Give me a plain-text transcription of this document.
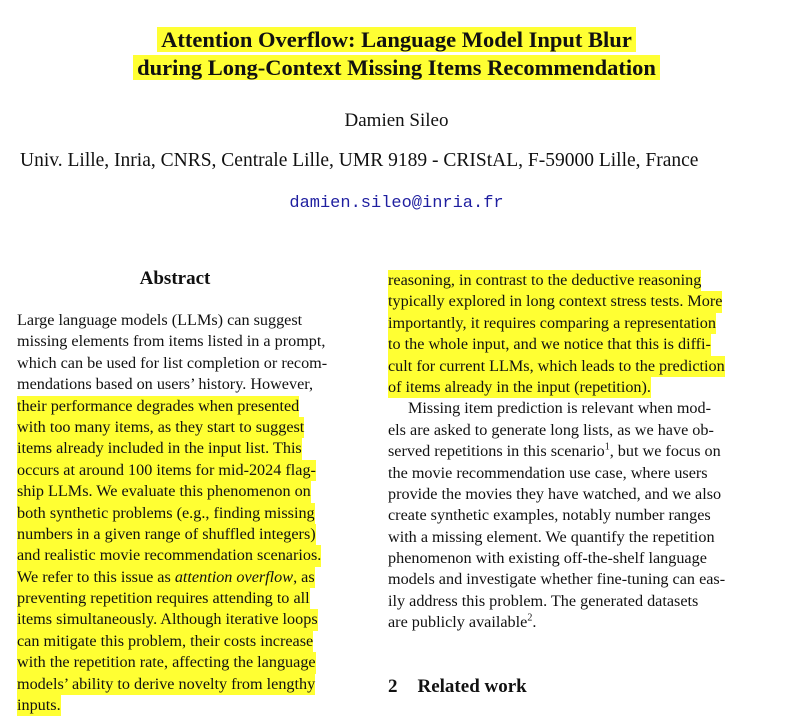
Attention Overflow: Language Model Input Blur
during Long-Context Missing Items Recommendation
Damien Sileo
Univ. Lille, Inria, CNRS, Centrale Lille, UMR 9189 - CRIStAL, F-59000 Lille, France
damien.sileo@inria.fr
Abstract
Large language models (LLMs) can suggest
missing elements from items listed in a prompt,
which can be used for list completion or recom-
mendations based on users’ history. However,
their performance degrades when presented
with too many items, as they start to suggest
items already included in the input list. This
occurs at around 100 items for mid-2024 flag-
ship LLMs. We evaluate this phenomenon on
both synthetic problems (e.g., finding missing
numbers in a given range of shuffled integers)
and realistic movie recommendation scenarios.
We refer to this issue as attention overflow, as
preventing repetition requires attending to all
items simultaneously. Although iterative loops
can mitigate this problem, their costs increase
with the repetition rate, affecting the language
models’ ability to derive novelty from lengthy
inputs.
reasoning, in contrast to the deductive reasoning
typically explored in long context stress tests. More
importantly, it requires comparing a representation
to the whole input, and we notice that this is diffi-
cult for current LLMs, which leads to the prediction
of items already in the input (repetition).
Missing item prediction is relevant when mod-
els are asked to generate long lists, as we have ob-
served repetitions in this scenario$^1$, but we focus on
the movie recommendation use case, where users
provide the movies they have watched, and we also
create synthetic examples, notably number ranges
with a missing element. We quantify the repetition
phenomenon with existing off-the-shelf language
models and investigate whether fine-tuning can eas-
ily address this problem. The generated datasets
are publicly available$^2$.
2 Related work
